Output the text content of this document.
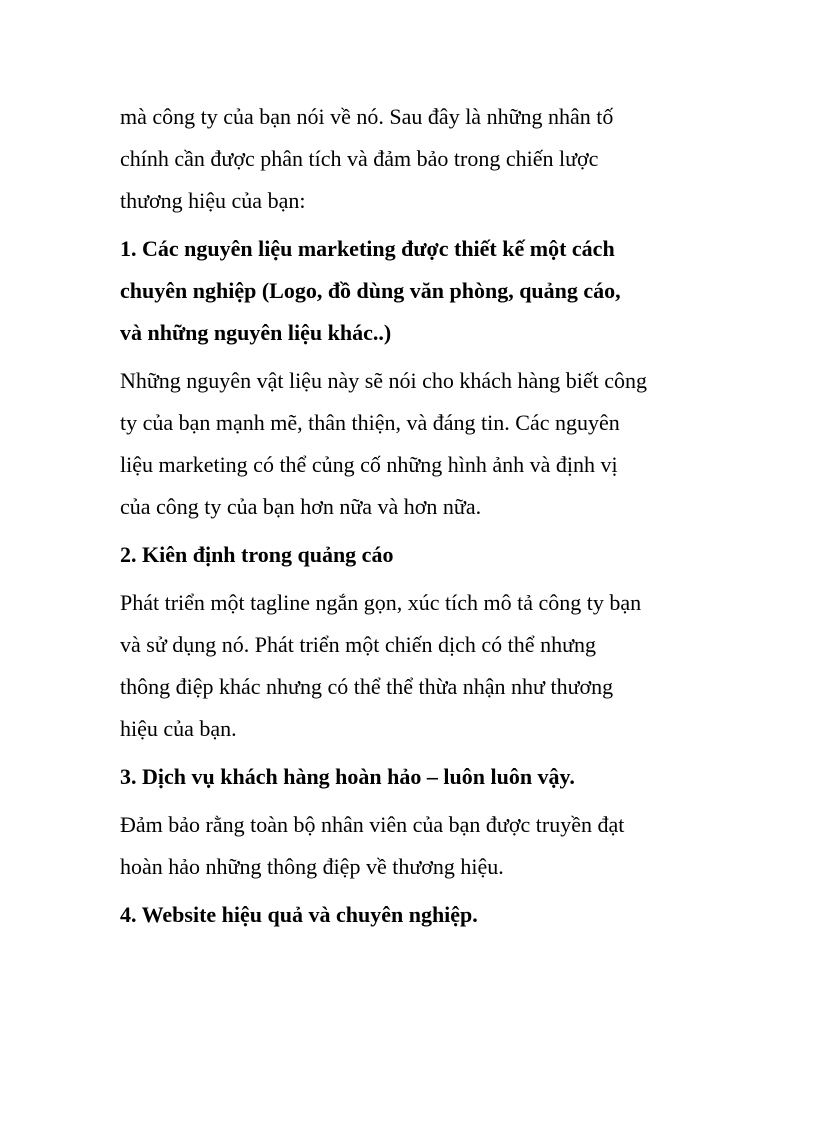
mà công ty của bạn nói về nó. Sau đây là những nhân tố
chính cần được phân tích và đảm bảo trong chiến lược
thương hiệu của bạn:

1. Các nguyên liệu marketing được thiết kế một cách
chuyên nghiệp (Logo, đồ dùng văn phòng, quảng cáo,
và những nguyên liệu khác..)

Những nguyên vật liệu này sẽ nói cho khách hàng biết công
ty của bạn mạnh mẽ, thân thiện, và đáng tin. Các nguyên
liệu marketing có thể củng cố những hình ảnh và định vị
của công ty của bạn hơn nữa và hơn nữa.

2. Kiên định trong quảng cáo

Phát triển một tagline ngắn gọn, xúc tích mô tả công ty bạn
và sử dụng nó. Phát triển một chiến dịch có thể nhưng
thông điệp khác nhưng có thể thể thừa nhận như thương
hiệu của bạn.

3. Dịch vụ khách hàng hoàn hảo – luôn luôn vậy.

Đảm bảo rằng toàn bộ nhân viên của bạn được truyền đạt
hoàn hảo những thông điệp về thương hiệu.

4. Website hiệu quả và chuyên nghiệp.
